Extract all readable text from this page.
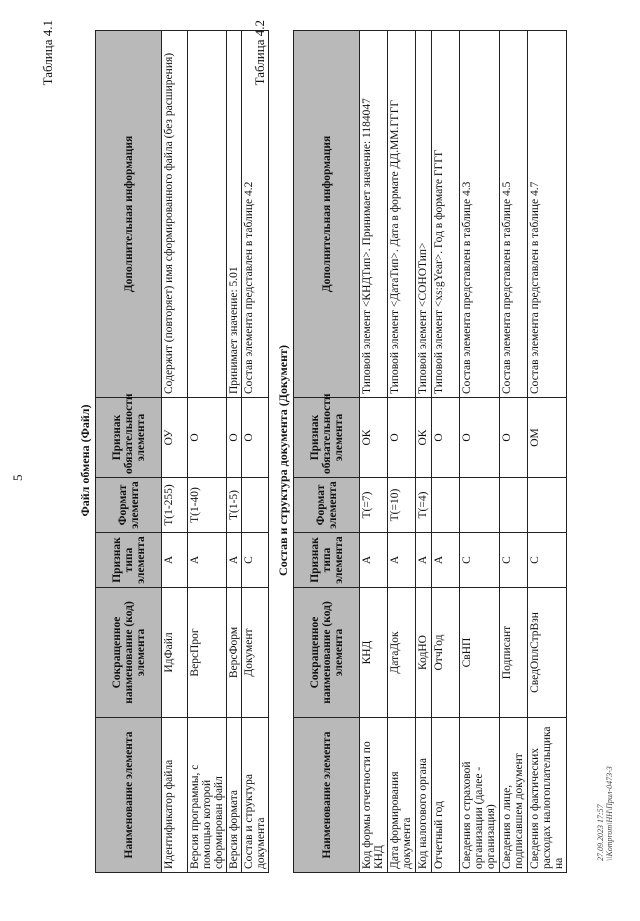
5
Таблица 4.1
Файл обмена (Файл)
Наименование элемента	Сокращенное наименование (код) элемента	Признак типа элемента	Формат элемента	Признак обязательности элемента	Дополнительная информация
Идентификатор файла	ИдФайл	А	Т(1-255)	ОУ	Содержит (повторяет) имя сформированного файла (без расширения)
Версия программы, с помощью которой сформирован файл	ВерсПрог	А	Т(1-40)	О	
Версия формата	ВерсФорм	А	Т(1-5)	О	Принимает значение: 5.01
Состав и структура документа	Документ	С		О	Состав элемента представлен в таблице 4.2
Таблица 4.2
Состав и структура документа (Документ)
Наименование элемента	Сокращенное наименование (код) элемента	Признак типа элемента	Формат элемента	Признак обязательности элемента	Дополнительная информация
Код формы отчетности по КНД	КНД	А	Т(=7)	ОК	Типовой элемент <КНДТип>. Принимает значение: 1184047
Дата формирования документа	ДатаДок	А	Т(=10)	О	Типовой элемент <ДатаТип>. Дата в формате ДД.ММ.ГГГГ
Код налогового органа	КодНО	А	Т(=4)	ОК	Типовой элемент <СОНОТип>
Отчетный год	ОтчГод	А		О	Типовой элемент <xs:gYear>. Год в формате ГГГГ
Сведения о страховой организации (далее - организация)	СвНП	С		О	Состав элемента представлен в таблице 4.3
Сведения о лице, подписавшем документ	Подписант	С		О	Состав элемента представлен в таблице 4.5
Сведения о фактических расходах налогоплательщика на	СведОплСтрВзн	С		ОМ	Состав элемента представлен в таблице 4.7
27.09.2023 17:57 \\Komprom\НН\Прил-0473-3
